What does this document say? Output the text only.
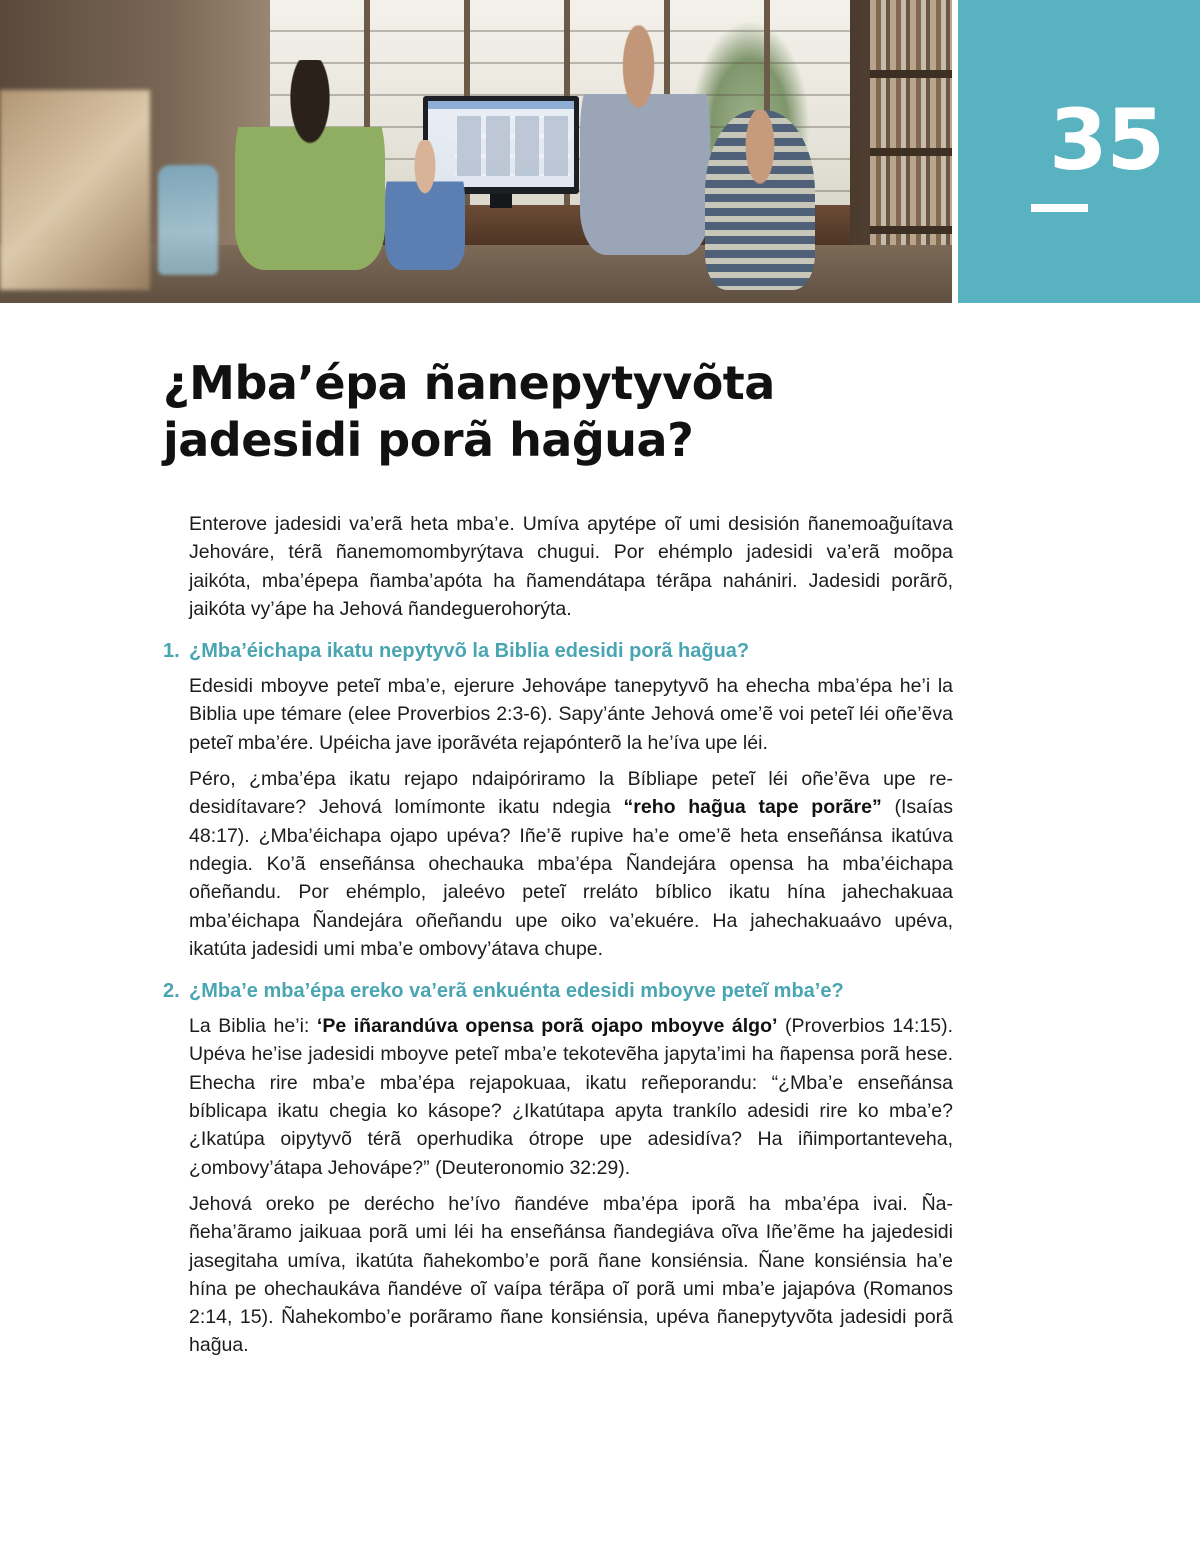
35
¿Mba’épa ñanepytyvõta
jadesidi porã hag̃ua?

Enterove jadesidi va’erã heta mba’e. Umíva apytépe oĩ umi desisión ñanemoag̃uítava Jehováre, térã ñanemomombyrýtava chugui. Por ehémplo jadesidi va’erã moõpa jaikóta, mba’épepa ñamba’apóta ha ñamendátapa térãpa nahániri. Jadesidi porãrõ, jaikóta vy’ápe ha Jehová ñandeguerohorýta.

1. ¿Mba’éichapa ikatu nepytyvõ la Biblia edesidi porã hag̃ua?

Edesidi mboyve peteĩ mba’e, ejerure Jehovápe tanepytyvõ ha ehecha mba’épa he’i la Biblia upe témare (elee Proverbios 2:3-6). Sapy’ánte Jehová ome’ẽ voi peteĩ léi oñe’ẽva peteĩ mba’ére. Upéicha jave iporãvéta rejapónterõ la he’íva upe léi.

Péro, ¿mba’épa ikatu rejapo ndaipóriramo la Bíbliape peteĩ léi oñe’ẽva upe redesidítavare? Jehová lomímonte ikatu ndegia “reho hag̃ua tape porãre” (Isaías 48:17). ¿Mba’éichapa ojapo upéva? Iñe’ẽ rupive ha’e ome’ẽ heta enseñánsa ikatúva ndegia. Ko’ã enseñánsa ohechauka mba’épa Ñandejára opensa ha mba’éichapa oñeñandu. Por ehémplo, jaleévo peteĩ rreláto bíblico ikatu hína jahechakuaa mba’éichapa Ñandejára oñeñandu upe oiko va’ekuére. Ha jahechakuaávo upéva, ikatúta jadesidi umi mba’e ombovy’átava chupe.

2. ¿Mba’e mba’épa ereko va’erã enkuénta edesidi mboyve peteĩ mba’e?

La Biblia he’i: ‘Pe iñarandúva opensa porã ojapo mboyve álgo’ (Proverbios 14:15). Upéva he’ise jadesidi mboyve peteĩ mba’e tekotevẽha japyta’imi ha ñapensa porã hese. Ehecha rire mba’e mba’épa rejapokuaa, ikatu reñeporandu: “¿Mba’e enseñánsa bíblicapa ikatu chegia ko kásope? ¿Ikatútapa apyta trankílo adesidi rire ko mba’e? ¿Ikatúpa oipytyvõ térã operhudika ótrope upe adesidíva? Ha iñimportanteveha, ¿ombovy’átapa Jehovápe?” (Deuteronomio 32:29).

Jehová oreko pe derécho he’ívo ñandéve mba’épa iporã ha mba’épa ivai. Ñañeha’ãramo jaikuaa porã umi léi ha enseñánsa ñandegiáva oĩva Iñe’ẽme ha jajedesidi jasegitaha umíva, ikatúta ñahekombo’e porã ñane konsiénsia. Ñane konsiénsia ha’e hína pe ohechaukáva ñandéve oĩ vaípa térãpa oĩ porã umi mba’e jajapóva (Romanos 2:14, 15). Ñahekombo’e porãramo ñane konsiénsia, upéva ñanepytyvõta jadesidi porã hag̃ua.
